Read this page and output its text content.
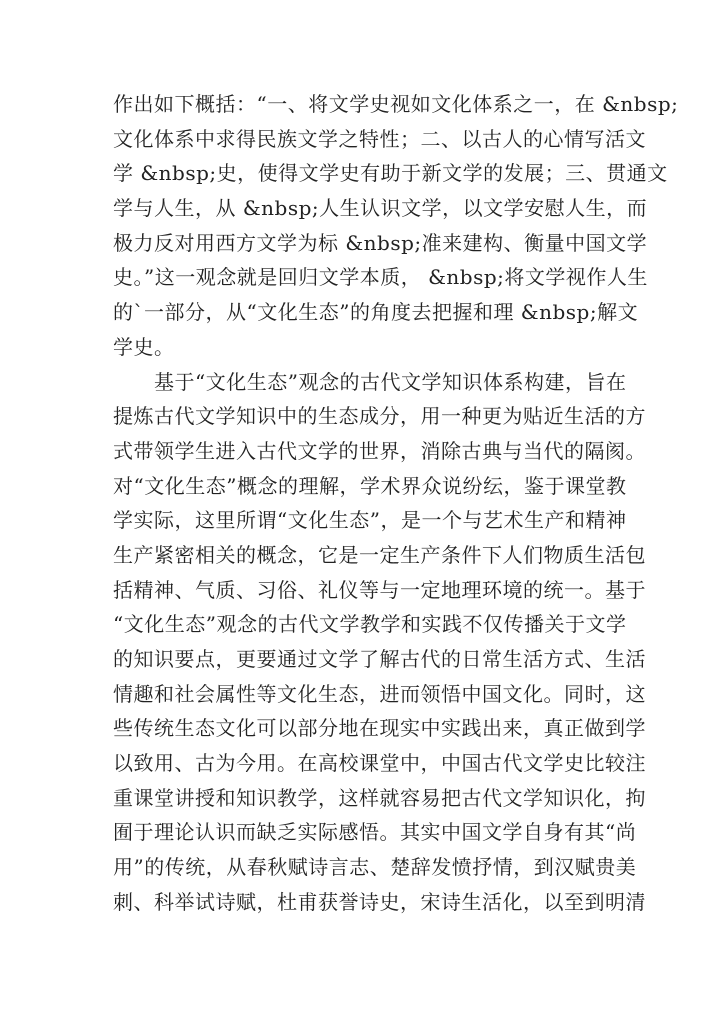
作出如下概括：“一、将文学史视如文化体系之一，在 &nbsp;
文化体系中求得民族文学之特性；二、以古人的心情写活文
学 &nbsp;史，使得文学史有助于新文学的发展；三、贯通文
学与人生，从 &nbsp;人生认识文学，以文学安慰人生，而
极力反对用西方文学为标 &nbsp;准来建构、衡量中国文学
史。”这一观念就是回归文学本质， &nbsp;将文学视作人生
的`一部分，从“文化生态”的角度去把握和理 &nbsp;解文
学史。
　　基于“文化生态”观念的古代文学知识体系构建，旨在
提炼古代文学知识中的生态成分，用一种更为贴近生活的方
式带领学生进入古代文学的世界，消除古典与当代的隔阂。
对“文化生态”概念的理解，学术界众说纷纭，鉴于课堂教
学实际，这里所谓“文化生态”，是一个与艺术生产和精神
生产紧密相关的概念，它是一定生产条件下人们物质生活包
括精神、气质、习俗、礼仪等与一定地理环境的统一。基于
“文化生态”观念的古代文学教学和实践不仅传播关于文学
的知识要点，更要通过文学了解古代的日常生活方式、生活
情趣和社会属性等文化生态，进而领悟中国文化。同时，这
些传统生态文化可以部分地在现实中实践出来，真正做到学
以致用、古为今用。在高校课堂中，中国古代文学史比较注
重课堂讲授和知识教学，这样就容易把古代文学知识化，拘
囿于理论认识而缺乏实际感悟。其实中国文学自身有其“尚
用”的传统，从春秋赋诗言志、楚辞发愤抒情，到汉赋贵美
刺、科举试诗赋，杜甫获誉诗史，宋诗生活化，以至到明清
